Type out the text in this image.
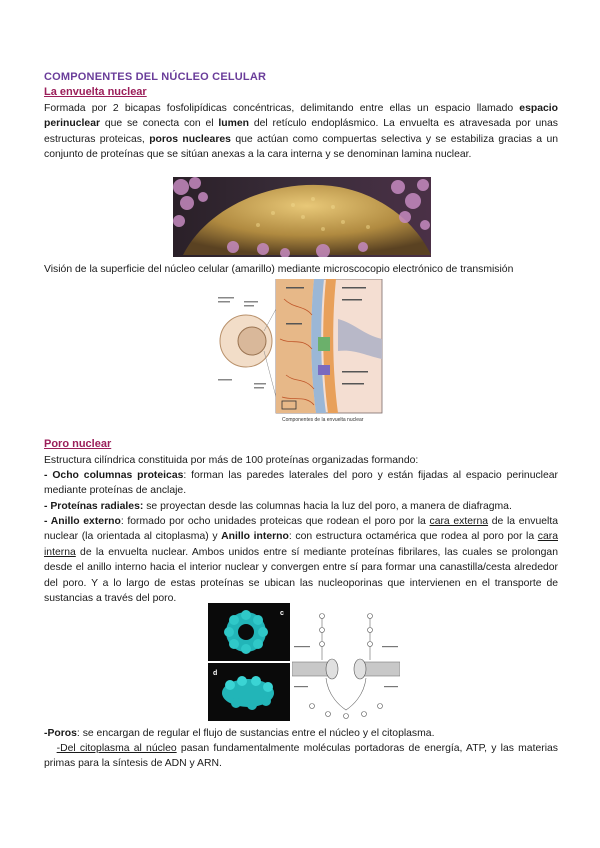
COMPONENTES DEL NÚCLEO CELULAR
La envuelta nuclear

Formada por 2 bicapas fosfolipídicas concéntricas, delimitando entre ellas un espacio llamado espacio perinuclear que se conecta con el lumen del retículo endoplásmico. La envuelta es atravesada por unas estructuras proteicas, poros nucleares que actúan como compuertas selectiva y se estabiliza gracias a un conjunto de proteínas que se sitúan anexas a la cara interna y se denominan lamina nuclear.

Visión de la superficie del núcleo celular (amarillo) mediante microscocopio electrónico de transmisión

Componentes de la envuelta nuclear
Poro nuclear

Estructura cilíndrica constituida por más de 100 proteínas organizadas formando:

- Ocho columnas proteicas: forman las paredes laterales del poro y están fijadas al espacio perinuclear mediante proteínas de anclaje.

- Proteínas radiales: se proyectan desde las columnas hacia la luz del poro, a manera de diafragma.

- Anillo externo: formado por ocho unidades proteicas que rodean el poro por la cara externa de la envuelta nuclear (la orientada al citoplasma) y Anillo interno: con estructura octamérica que rodea al poro por la cara interna de la envuelta nuclear. Ambos unidos entre sí mediante proteínas fibrilares, las cuales se prolongan desde el anillo interno hacia el interior nuclear y convergen entre sí para formar una canastilla/cesta alrededor del poro. Y a lo largo de estas proteínas se ubican las nucleoporinas que intervienen en el transporte de sustancias a través del poro.

c
d

-Poros: se encargan de regular el flujo de sustancias entre el núcleo y el citoplasma.

-Del citoplasma al núcleo pasan fundamentalmente moléculas portadoras de energía, ATP, y las materias primas para la síntesis de ADN y ARN.
